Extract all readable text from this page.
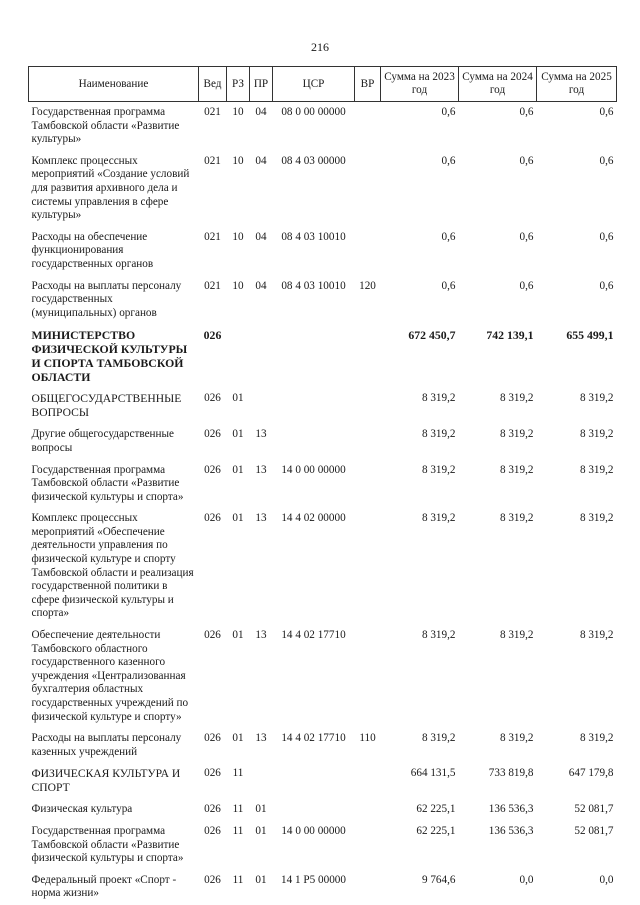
216
Наименование	Вед	РЗ	ПР	ЦСР	ВР	Сумма на 2023 год	Сумма на 2024 год	Сумма на 2025 год
Государственная программа Тамбовской области «Развитие культуры»	021	10	04	08 0 00 00000		0,6	0,6	0,6
Комплекс процессных мероприятий «Создание условий для развития архивного дела и системы управления в сфере культуры»	021	10	04	08 4 03 00000		0,6	0,6	0,6
Расходы на обеспечение функционирования государственных органов	021	10	04	08 4 03 10010		0,6	0,6	0,6
Расходы на выплаты персоналу государственных (муниципальных) органов	021	10	04	08 4 03 10010	120	0,6	0,6	0,6
МИНИСТЕРСТВО ФИЗИЧЕСКОЙ КУЛЬТУРЫ И СПОРТА ТАМБОВСКОЙ ОБЛАСТИ	026					672 450,7	742 139,1	655 499,1
ОБЩЕГОСУДАРСТВЕННЫЕ ВОПРОСЫ	026	01				8 319,2	8 319,2	8 319,2
Другие общегосударственные вопросы	026	01	13			8 319,2	8 319,2	8 319,2
Государственная программа Тамбовской области «Развитие физической культуры и спорта»	026	01	13	14 0 00 00000		8 319,2	8 319,2	8 319,2
Комплекс процессных мероприятий «Обеспечение деятельности управления по физической культуре и спорту Тамбовской области и реализация государственной политики в сфере физической культуры и спорта»	026	01	13	14 4 02 00000		8 319,2	8 319,2	8 319,2
Обеспечение деятельности Тамбовского областного государственного казенного учреждения «Централизованная бухгалтерия областных государственных учреждений по физической культуре и спорту»	026	01	13	14 4 02 17710		8 319,2	8 319,2	8 319,2
Расходы на выплаты персоналу казенных учреждений	026	01	13	14 4 02 17710	110	8 319,2	8 319,2	8 319,2
ФИЗИЧЕСКАЯ КУЛЬТУРА И СПОРТ	026	11				664 131,5	733 819,8	647 179,8
Физическая культура	026	11	01			62 225,1	136 536,3	52 081,7
Государственная программа Тамбовской области «Развитие физической культуры и спорта»	026	11	01	14 0 00 00000		62 225,1	136 536,3	52 081,7
Федеральный проект «Спорт - норма жизни»	026	11	01	14 1 P5 00000		9 764,6	0,0	0,0
